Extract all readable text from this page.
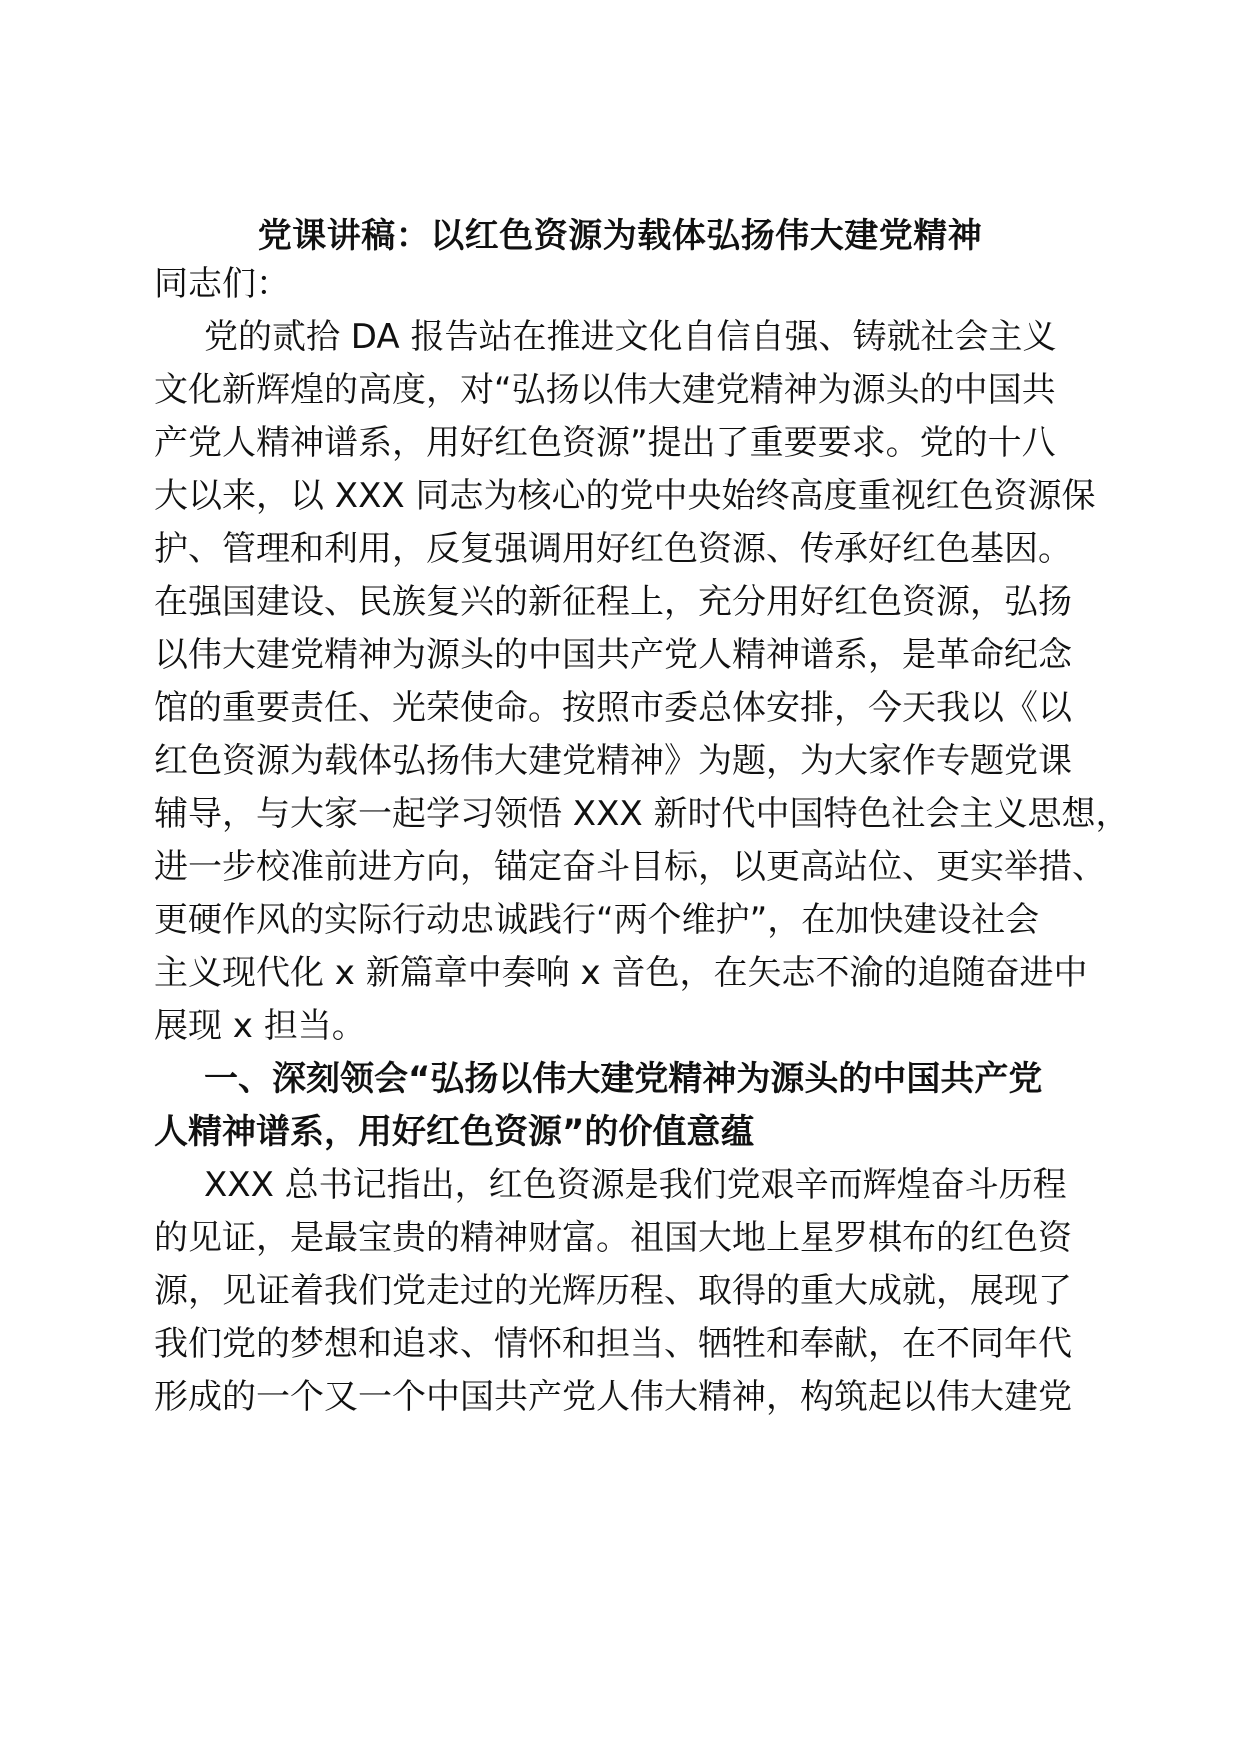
党课讲稿：以红色资源为载体弘扬伟大建党精神
同志们：
党的贰拾 DA 报告站在推进文化自信自强、铸就社会主义
文化新辉煌的高度，对“弘扬以伟大建党精神为源头的中国共
产党人精神谱系，用好红色资源”提出了重要要求。党的十八
大以来，以 XXX 同志为核心的党中央始终高度重视红色资源保
护、管理和利用，反复强调用好红色资源、传承好红色基因。
在强国建设、民族复兴的新征程上，充分用好红色资源，弘扬
以伟大建党精神为源头的中国共产党人精神谱系，是革命纪念
馆的重要责任、光荣使命。按照市委总体安排，今天我以《以
红色资源为载体弘扬伟大建党精神》为题，为大家作专题党课
辅导，与大家一起学习领悟 XXX 新时代中国特色社会主义思想，
进一步校准前进方向，锚定奋斗目标，以更高站位、更实举措、
更硬作风的实际行动忠诚践行“两个维护”，在加快建设社会
主义现代化 x 新篇章中奏响 x 音色，在矢志不渝的追随奋进中
展现 x 担当。
一、深刻领会“弘扬以伟大建党精神为源头的中国共产党
人精神谱系，用好红色资源”的价值意蕴
XXX 总书记指出，红色资源是我们党艰辛而辉煌奋斗历程
的见证，是最宝贵的精神财富。祖国大地上星罗棋布的红色资
源，见证着我们党走过的光辉历程、取得的重大成就，展现了
我们党的梦想和追求、情怀和担当、牺牲和奉献，在不同年代
形成的一个又一个中国共产党人伟大精神，构筑起以伟大建党
